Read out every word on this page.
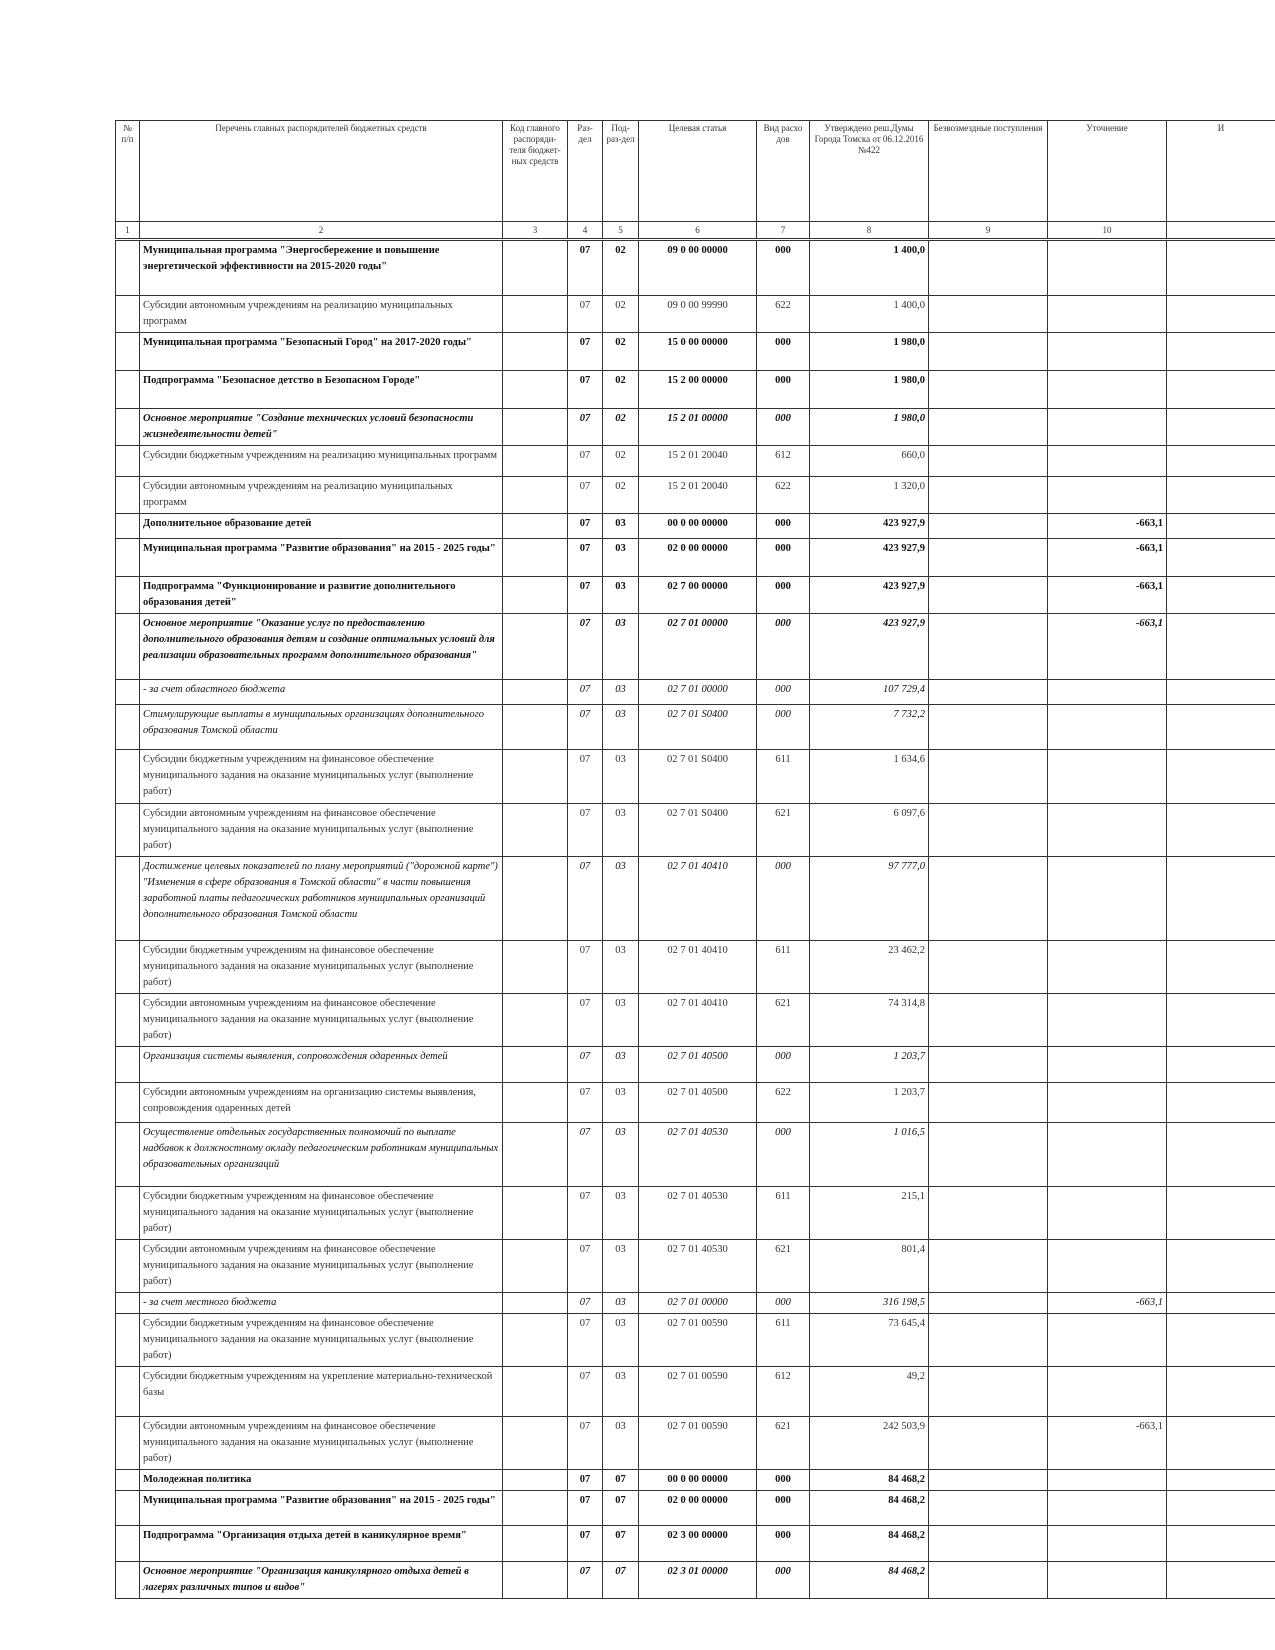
№ п/п	Перечень главных распорядителей бюджетных средств	Код главного распоряди-теля бюджет-ных средств	Раз-дел	Под-раз-дел	Целевая статья	Вид расхо дов	Утверждено реш.Думы Города Томска от 06.12.2016 №422	Безвозмездные поступления	Уточнение	И
1	2	3	4	5	6	7	8	9	10	
	Муниципальная программа "Энергосбережение и повышение энергетической эффективности на 2015-2020 годы"		07	02	09 0 00 00000	000	1 400,0			
	Субсидии автономным учреждениям на реализацию муниципальных программ		07	02	09 0 00 99990	622	1 400,0			
	Муниципальная программа "Безопасный Город" на 2017-2020 годы"		07	02	15 0 00 00000	000	1 980,0			
	Подпрограмма "Безопасное детство в Безопасном Городе"		07	02	15 2 00 00000	000	1 980,0			
	Основное мероприятие "Создание технических условий безопасности жизнедеятельности детей"		07	02	15 2 01 00000	000	1 980,0			
	Субсидии бюджетным учреждениям на реализацию муниципальных программ		07	02	15 2 01 20040	612	660,0			
	Субсидии автономным учреждениям на реализацию муниципальных программ		07	02	15 2 01 20040	622	1 320,0			
	Дополнительное образование детей		07	03	00 0 00 00000	000	423 927,9		-663,1	
	Муниципальная программа "Развитие образования" на 2015 - 2025 годы"		07	03	02 0 00 00000	000	423 927,9		-663,1	
	Подпрограмма "Функционирование и развитие дополнительного образования детей"		07	03	02 7 00 00000	000	423 927,9		-663,1	
	Основное мероприятие "Оказание услуг по предоставлению дополнительного образования детям и создание оптимальных условий для реализации образовательных программ дополнительного образования"		07	03	02 7 01 00000	000	423 927,9		-663,1	
	- за счет областного бюджета		07	03	02 7 01 00000	000	107 729,4			
	Стимулирующие выплаты в муниципальных организациях дополнительного образования Томской области		07	03	02 7 01 S0400	000	7 732,2			
	Субсидии бюджетным учреждениям на финансовое обеспечение муниципального задания на оказание муниципальных услуг (выполнение работ)		07	03	02 7 01 S0400	611	1 634,6			
	Субсидии автономным учреждениям на финансовое обеспечение муниципального задания на оказание муниципальных услуг (выполнение работ)		07	03	02 7 01 S0400	621	6 097,6			
	Достижение целевых показателей по плану мероприятий ("дорожной карте") "Изменения в сфере образования в Томской области" в части повышения заработной платы педагогических работников муниципальных организаций дополнительного образования Томской области		07	03	02 7 01 40410	000	97 777,0			
	Субсидии бюджетным учреждениям на финансовое обеспечение муниципального задания на оказание муниципальных услуг (выполнение работ)		07	03	02 7 01 40410	611	23 462,2			
	Субсидии автономным учреждениям на финансовое обеспечение муниципального задания на оказание муниципальных услуг (выполнение работ)		07	03	02 7 01 40410	621	74 314,8			
	Организация системы выявления, сопровождения одаренных детей		07	03	02 7 01 40500	000	1 203,7			
	Субсидии автономным учреждениям на организацию системы выявления, сопровождения одаренных детей		07	03	02 7 01 40500	622	1 203,7			
	Осуществление отдельных государственных полномочий по выплате надбавок к должностному окладу педагогическим работникам муниципальных образовательных организаций		07	03	02 7 01 40530	000	1 016,5			
	Субсидии бюджетным учреждениям на финансовое обеспечение муниципального задания на оказание муниципальных услуг (выполнение работ)		07	03	02 7 01 40530	611	215,1			
	Субсидии автономным учреждениям на финансовое обеспечение муниципального задания на оказание муниципальных услуг (выполнение работ)		07	03	02 7 01 40530	621	801,4			
	- за счет местного бюджета		07	03	02 7 01 00000	000	316 198,5		-663,1	
	Субсидии бюджетным учреждениям на финансовое обеспечение муниципального задания на оказание муниципальных услуг (выполнение работ)		07	03	02 7 01 00590	611	73 645,4			
	Субсидии бюджетным учреждениям на укрепление материально-технической базы		07	03	02 7 01 00590	612	49,2			
	Субсидии автономным учреждениям на финансовое обеспечение муниципального задания на оказание муниципальных услуг (выполнение работ)		07	03	02 7 01 00590	621	242 503,9		-663,1	
	Молодежная политика		07	07	00 0 00 00000	000	84 468,2			
	Муниципальная программа "Развитие образования" на 2015 - 2025 годы"		07	07	02 0 00 00000	000	84 468,2			
	Подпрограмма "Организация отдыха детей в каникулярное время"		07	07	02 3 00 00000	000	84 468,2			
	Основное мероприятие "Организация каникулярного отдыха детей в лагерях различных типов и видов"		07	07	02 3 01 00000	000	84 468,2			
